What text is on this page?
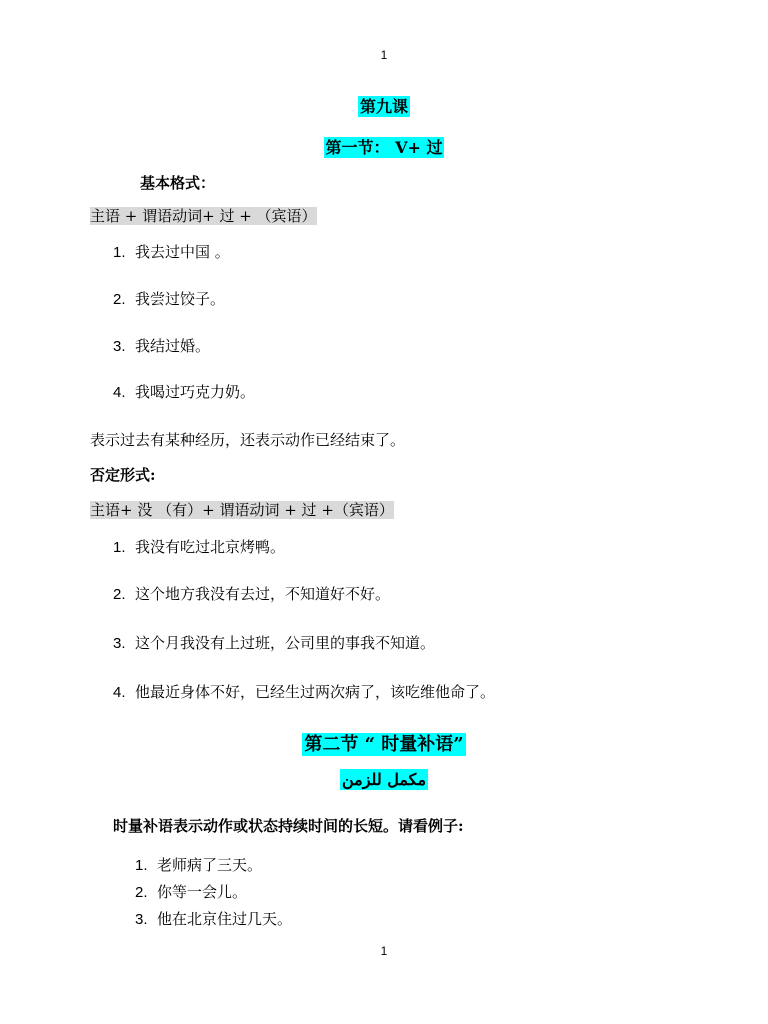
1
第九课
第一节： V+ 过
基本格式：
主语 + 谓语动词+ 过 + （宾语）
1. 我去过中国 。
2. 我尝过饺子。
3. 我结过婚。
4. 我喝过巧克力奶。
表示过去有某种经历，还表示动作已经结束了。
否定形式:
主语+ 没 （有）+ 谓语动词 + 过 +（宾语）
1. 我没有吃过北京烤鸭。
2. 这个地方我没有去过，不知道好不好。
3. 这个月我没有上过班，公司里的事我不知道。
4. 他最近身体不好，已经生过两次病了，该吃维他命了。
第二节 “ 时量补语”
مكمل للزمن
时量补语表示动作或状态持续时间的长短。请看例子:
1. 老师病了三天。
2. 你等一会儿。
3. 他在北京住过几天。
1
